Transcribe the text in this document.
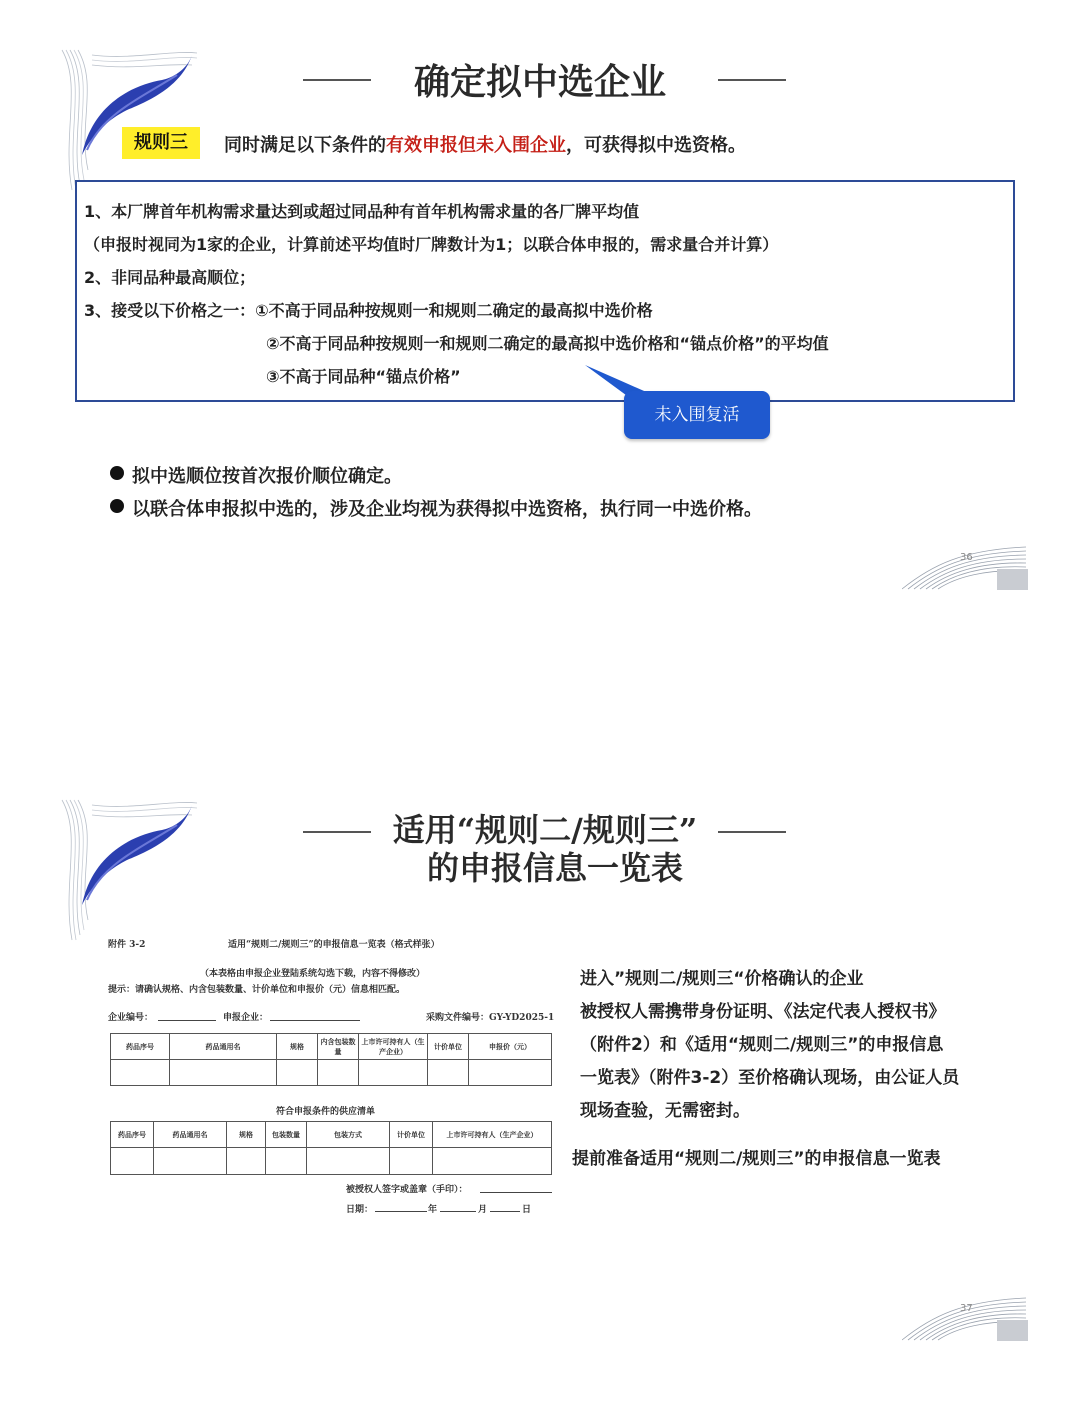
确定拟中选企业
规则三	同时满足以下条件的有效申报但未入围企业，可获得拟中选资格。
1、本厂牌首年机构需求量达到或超过同品种有首年机构需求量的各厂牌平均值
（申报时视同为1家的企业，计算前述平均值时厂牌数计为1；以联合体申报的，需求量合并计算）
2、非同品种最高顺位；
3、接受以下价格之一：①不高于同品种按规则一和规则二确定的最高拟中选价格
②不高于同品种按规则一和规则二确定的最高拟中选价格和“锚点价格”的平均值
③不高于同品种“锚点价格”
未入围复活
拟中选顺位按首次报价顺位确定。
以联合体申报拟中选的，涉及企业均视为获得拟中选资格，执行同一中选价格。
36
适用“规则二/规则三”
的申报信息一览表
附件 3-2	适用“规则二/规则三”的申报信息一览表（格式样张）
（本表格由申报企业登陆系统勾选下载，内容不得修改）
提示：请确认规格、内含包装数量、计价单位和申报价（元）信息相匹配。
企业编号：	申报企业：	采购文件编号：GY-YD2025-1
药品序号	药品通用名	规格	内含包装数量	上市许可持有人（生产企业）	计价单位	申报价（元）

符合申报条件的供应清单
药品序号	药品通用名	规格	包装数量	包装方式	计价单位	上市许可持有人（生产企业）

被授权人签字或盖章（手印）：
日期：	年	月	日
进入”规则二/规则三“价格确认的企业
被授权人需携带身份证明、《法定代表人授权书》
（附件2）和《适用“规则二/规则三”的申报信息
一览表》（附件3-2）至价格确认现场，由公证人员
现场查验，无需密封。
提前准备适用“规则二/规则三”的申报信息一览表
37
